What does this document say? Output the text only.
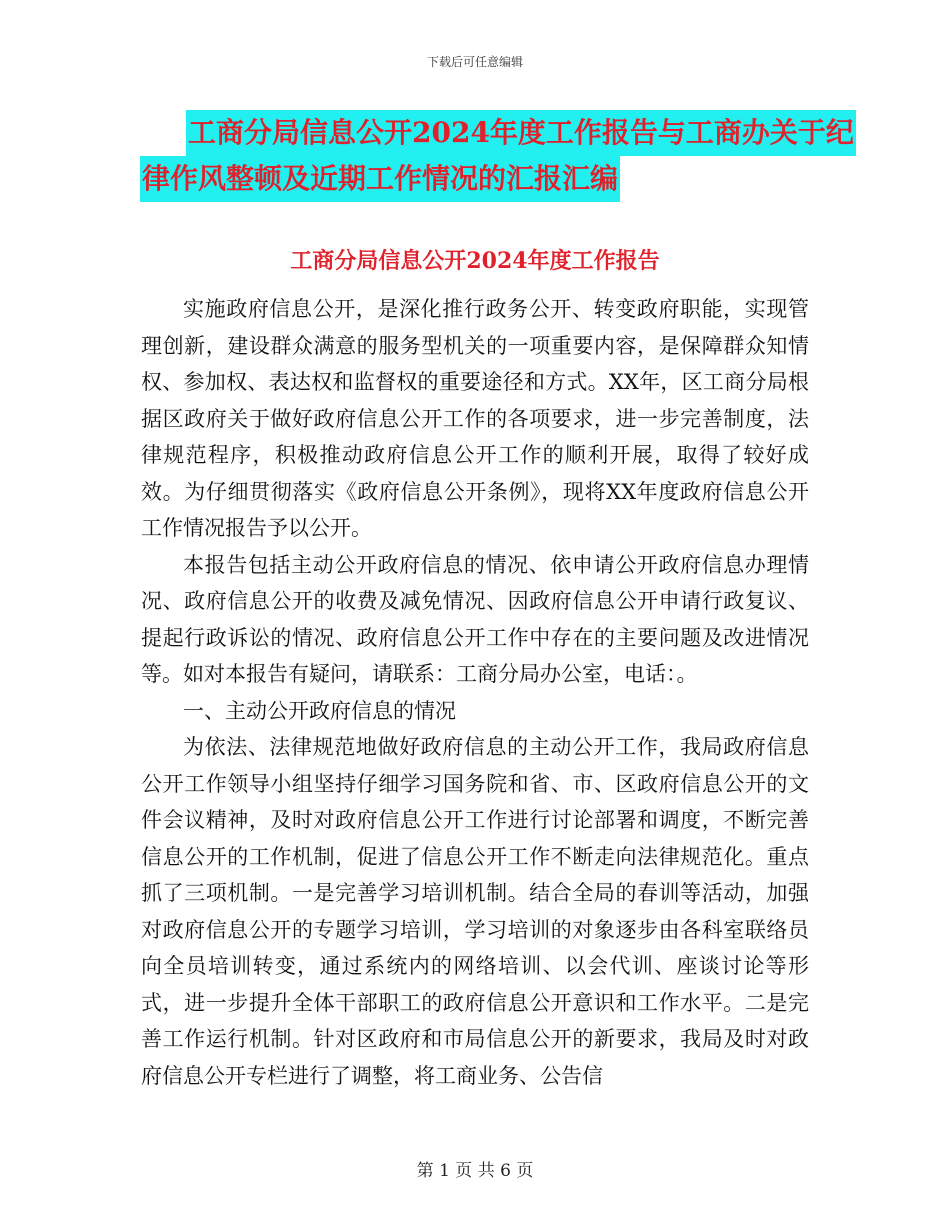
下载后可任意编辑
工商分局信息公开2024年度工作报告与工商办关于纪
律作风整顿及近期工作情况的汇报汇编
工商分局信息公开2024年度工作报告

实施政府信息公开，是深化推行政务公开、转变政府职能，实现管理创新，建设群众满意的服务型机关的一项重要内容，是保障群众知情权、参加权、表达权和监督权的重要途径和方式。XX年，区工商分局根据区政府关于做好政府信息公开工作的各项要求，进一步完善制度，法律规范程序，积极推动政府信息公开工作的顺利开展，取得了较好成效。为仔细贯彻落实《政府信息公开条例》，现将XX年度政府信息公开工作情况报告予以公开。

本报告包括主动公开政府信息的情况、依申请公开政府信息办理情况、政府信息公开的收费及减免情况、因政府信息公开申请行政复议、提起行政诉讼的情况、政府信息公开工作中存在的主要问题及改进情况等。如对本报告有疑问，请联系：工商分局办公室，电话：。

一、主动公开政府信息的情况

为依法、法律规范地做好政府信息的主动公开工作，我局政府信息公开工作领导小组坚持仔细学习国务院和省、市、区政府信息公开的文件会议精神，及时对政府信息公开工作进行讨论部署和调度，不断完善信息公开的工作机制，促进了信息公开工作不断走向法律规范化。重点抓了三项机制。一是完善学习培训机制。结合全局的春训等活动，加强对政府信息公开的专题学习培训，学习培训的对象逐步由各科室联络员向全员培训转变，通过系统内的网络培训、以会代训、座谈讨论等形式，进一步提升全体干部职工的政府信息公开意识和工作水平。二是完善工作运行机制。针对区政府和市局信息公开的新要求，我局及时对政府信息公开专栏进行了调整，将工商业务、公告信

第 1 页 共 6 页
